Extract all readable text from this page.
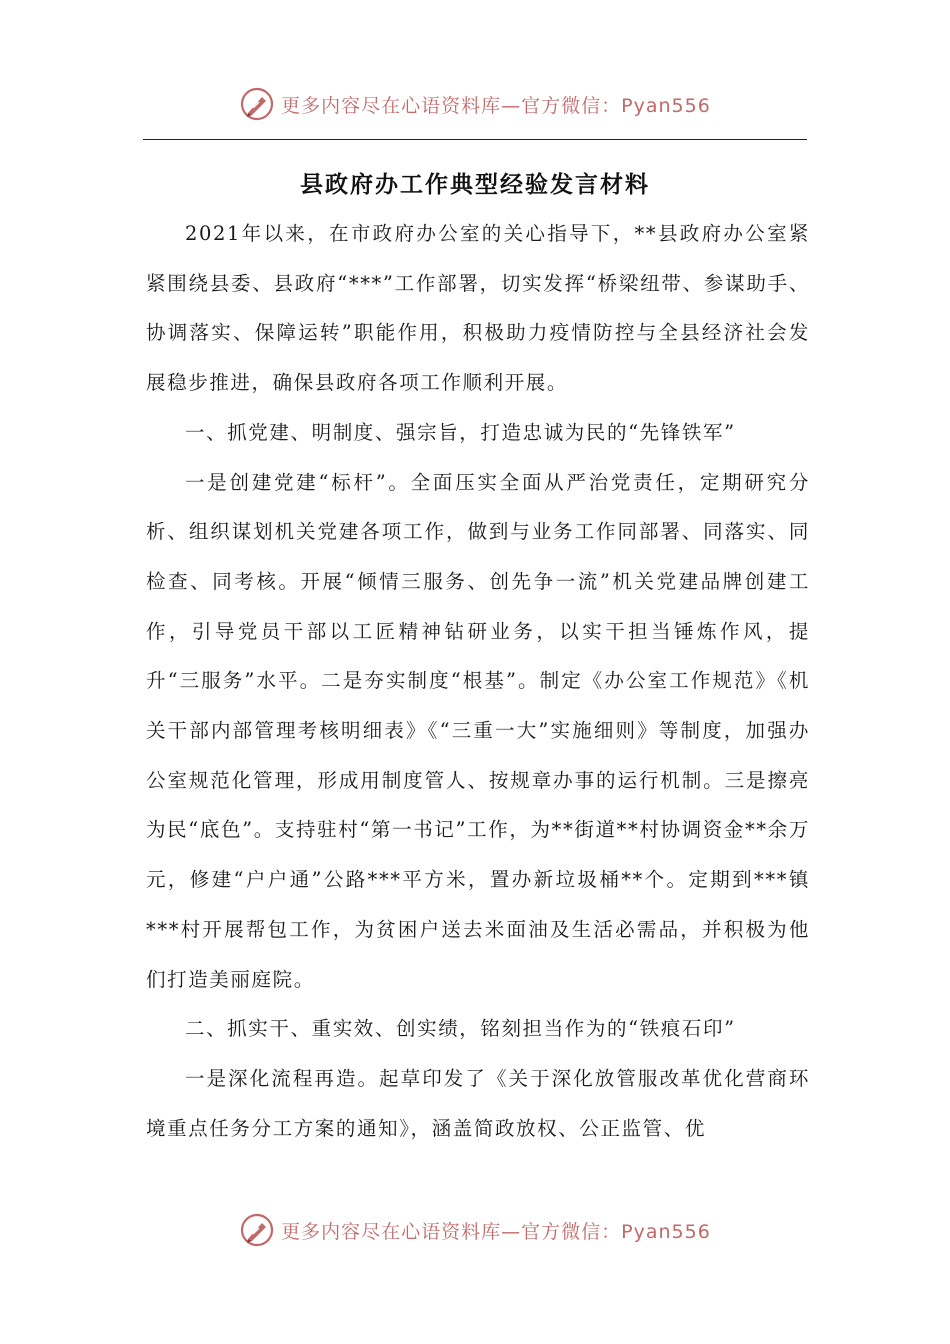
更多内容尽在心语资料库—官方微信：Pyan556
县政府办工作典型经验发言材料

2021年以来，在市政府办公室的关心指导下，**县政府办公室紧紧围绕县委、县政府“***”工作部署，切实发挥“桥梁纽带、参谋助手、协调落实、保障运转”职能作用，积极助力疫情防控与全县经济社会发展稳步推进，确保县政府各项工作顺利开展。

一、抓党建、明制度、强宗旨，打造忠诚为民的“先锋铁军”

一是创建党建“标杆”。全面压实全面从严治党责任，定期研究分析、组织谋划机关党建各项工作，做到与业务工作同部署、同落实、同检查、同考核。开展“倾情三服务、创先争一流”机关党建品牌创建工作，引导党员干部以工匠精神钻研业务，以实干担当锤炼作风，提升“三服务”水平。二是夯实制度“根基”。制定《办公室工作规范》《机关干部内部管理考核明细表》《“三重一大”实施细则》等制度，加强办公室规范化管理，形成用制度管人、按规章办事的运行机制。三是擦亮为民“底色”。支持驻村“第一书记”工作，为**街道**村协调资金**余万元，修建“户户通”公路***平方米，置办新垃圾桶**个。定期到***镇***村开展帮包工作，为贫困户送去米面油及生活必需品，并积极为他们打造美丽庭院。

二、抓实干、重实效、创实绩，铭刻担当作为的“铁痕石印”

一是深化流程再造。起草印发了《关于深化放管服改革优化营商环境重点任务分工方案的通知》，涵盖简政放权、公正监管、优

更多内容尽在心语资料库—官方微信：Pyan556
